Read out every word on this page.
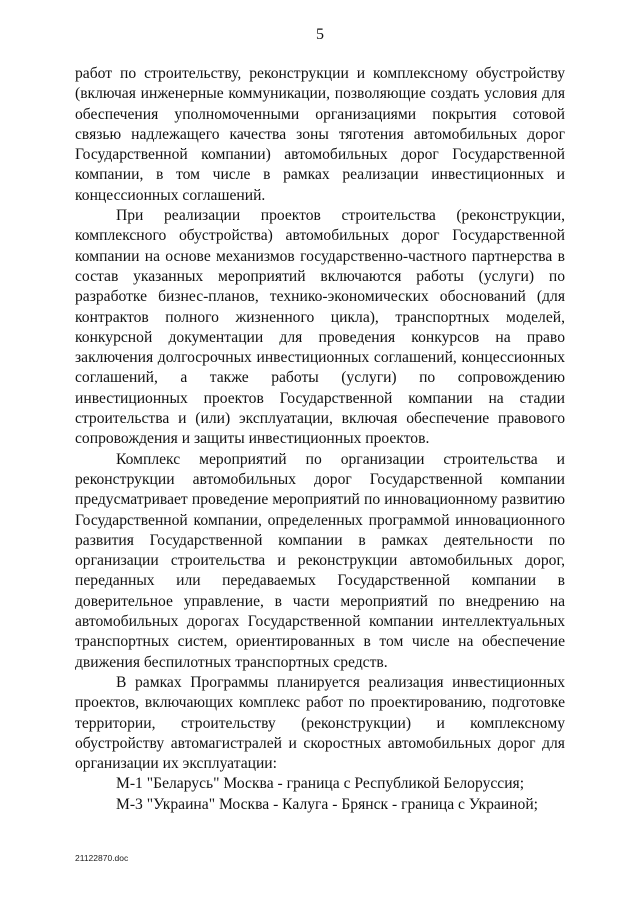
5

работ по строительству, реконструкции и комплексному обустройству (включая инженерные коммуникации, позволяющие создать условия для обеспечения уполномоченными организациями покрытия сотовой связью надлежащего качества зоны тяготения автомобильных дорог Государственной компании) автомобильных дорог Государственной компании, в том числе в рамках реализации инвестиционных и концессионных соглашений.

При реализации проектов строительства (реконструкции, комплексного обустройства) автомобильных дорог Государственной компании на основе механизмов государственно-частного партнерства в состав указанных мероприятий включаются работы (услуги) по разработке бизнес-планов, технико-экономических обоснований (для контрактов полного жизненного цикла), транспортных моделей, конкурсной документации для проведения конкурсов на право заключения долгосрочных инвестиционных соглашений, концессионных соглашений, а также работы (услуги) по сопровождению инвестиционных проектов Государственной компании на стадии строительства и (или) эксплуатации, включая обеспечение правового сопровождения и защиты инвестиционных проектов.

Комплекс мероприятий по организации строительства и реконструкции автомобильных дорог Государственной компании предусматривает проведение мероприятий по инновационному развитию Государственной компании, определенных программой инновационного развития Государственной компании в рамках деятельности по организации строительства и реконструкции автомобильных дорог, переданных или передаваемых Государственной компании в доверительное управление, в части мероприятий по внедрению на автомобильных дорогах Государственной компании интеллектуальных транспортных систем, ориентированных в том числе на обеспечение движения беспилотных транспортных средств.

В рамках Программы планируется реализация инвестиционных проектов, включающих комплекс работ по проектированию, подготовке территории, строительству (реконструкции) и комплексному обустройству автомагистралей и скоростных автомобильных дорог для организации их эксплуатации:

М-1 "Беларусь" Москва - граница с Республикой Белоруссия;

М-3 "Украина" Москва - Калуга - Брянск - граница с Украиной;

21122870.doc
